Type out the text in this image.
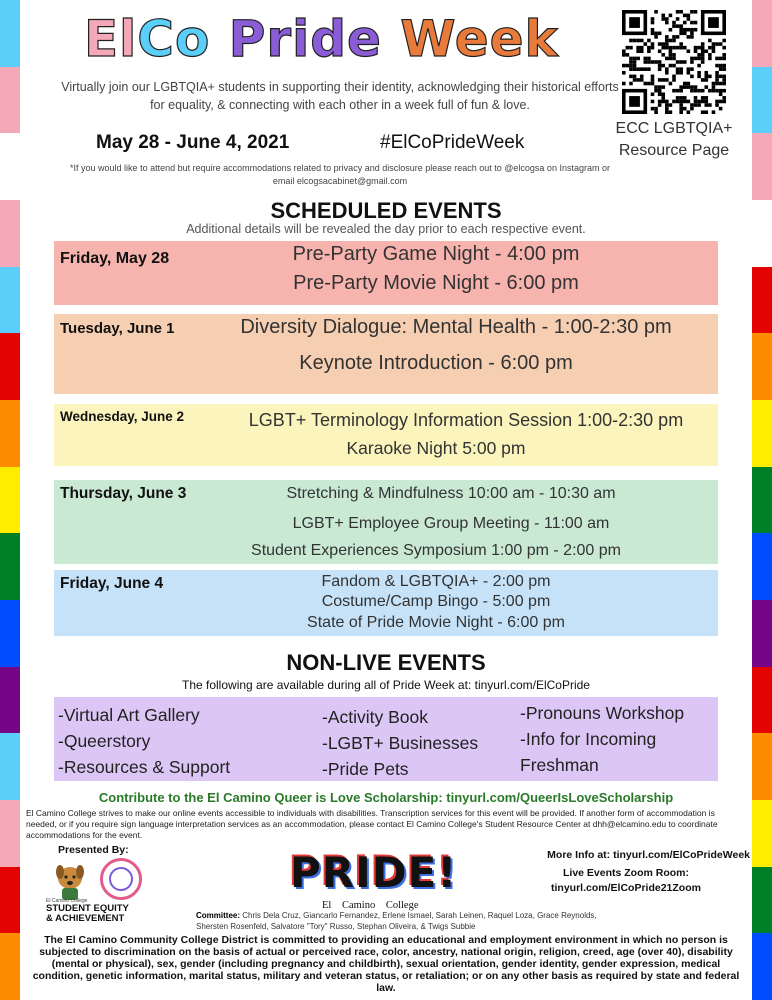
ElCo Pride Week
Virtually join our LGBTQIA+ students in supporting their identity, acknowledging their historical efforts for equality, & connecting with each other in a week full of fun & love.
May 28 - June 4, 2021	#ElCoPrideWeek
*If you would like to attend but require accommodations related to privacy and disclosure please reach out to @elcogsa on Instagram or email elcogsacabinet@gmail.com
ECC LGBTQIA+
Resource Page
SCHEDULED EVENTS
Additional details will be revealed the day prior to each respective event.
Friday, May 28	Pre-Party Game Night - 4:00 pm
Pre-Party Movie Night - 6:00 pm
Tuesday, June 1	Diversity Dialogue: Mental Health - 1:00-2:30 pm
Keynote Introduction - 6:00 pm
Wednesday, June 2	LGBT+ Terminology Information Session 1:00-2:30 pm
Karaoke Night 5:00 pm
Thursday, June 3	Stretching & Mindfulness 10:00 am - 10:30 am
LGBT+ Employee Group Meeting - 11:00 am
Student Experiences Symposium 1:00 pm - 2:00 pm
Friday, June 4	Fandom & LGBTQIA+ - 2:00 pm
Costume/Camp Bingo - 5:00 pm
State of Pride Movie Night - 6:00 pm
NON-LIVE EVENTS
The following are available during all of Pride Week at: tinyurl.com/ElCoPride
-Virtual Art Gallery
-Queerstory
-Resources & Support
-Activity Book
-LGBT+ Businesses
-Pride Pets
-Pronouns Workshop
-Info for Incoming
Freshman
Contribute to the El Camino Queer is Love Scholarship: tinyurl.com/QueerIsLoveScholarship
El Camino College strives to make our online events accessible to individuals with disabilities. Transcription services for this event will be provided. If another form of accommodation is needed, or if you require sign language interpretation services as an accommodation, please contact El Camino College's Student Resource Center at dhh@elcamino.edu to coordinate accommodations for the event.
Presented By:
El Camino College
STUDENT EQUITY
& ACHIEVEMENT
PRIDE!
El Camino College
More Info at: tinyurl.com/ElCoPrideWeek
Live Events Zoom Room:
tinyurl.com/ElCoPride21Zoom
Committee: Chris Dela Cruz, Giancarlo Fernandez, Erlene Ismael, Sarah Leinen, Raquel Loza, Grace Reynolds, Shersten Rosenfeld, Salvatore "Tory" Russo, Stephan Oliveira, & Twigs Subbie
The El Camino Community College District is committed to providing an educational and employment environment in which no person is subjected to discrimination on the basis of actual or perceived race, color, ancestry, national origin, religion, creed, age (over 40), disability (mental or physical), sex, gender (including pregnancy and childbirth), sexual orientation, gender identity, gender expression, medical condition, genetic information, marital status, military and veteran status, or retaliation; or on any other basis as required by state and federal law.
